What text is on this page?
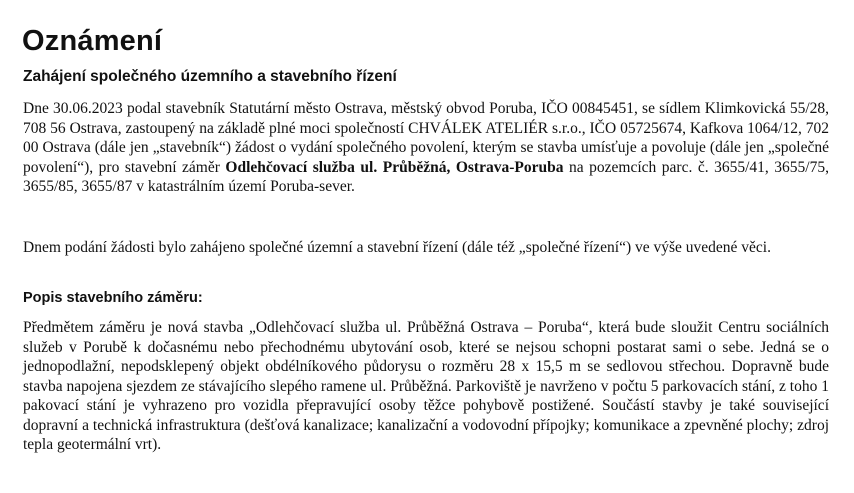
Oznámení
Zahájení společného územního a stavebního řízení
Dne 30.06.2023 podal stavebník Statutární město Ostrava, městský obvod Poruba, IČO 00845451, se sídlem Klimkovická 55/28, 708 56 Ostrava, zastoupený na základě plné moci společností CHVÁLEK ATELIÉR s.r.o., IČO 05725674, Kafkova 1064/12, 702 00 Ostrava (dále jen „stavebník“) žádost o vydání společného povolení, kterým se stavba umísťuje a povoluje (dále jen „společné povolení“), pro stavební záměr Odlehčovací služba ul. Průběžná, Ostrava-Poruba na pozemcích parc. č. 3655/41, 3655/75, 3655/85, 3655/87 v katastrálním území Poruba-sever.
Dnem podání žádosti bylo zahájeno společné územní a stavební řízení (dále též „společné řízení“) ve výše uvedené věci.
Popis stavebního záměru:
Předmětem záměru je nová stavba „Odlehčovací služba ul. Průběžná Ostrava – Poruba“, která bude sloužit Centru sociálních služeb v Porubě k dočasnému nebo přechodnému ubytování osob, které se nejsou schopni postarat sami o sebe. Jedná se o jednopodlažní, nepodsklepený objekt obdélníkového půdorysu o rozměru 28 x 15,5 m se sedlovou střechou. Dopravně bude stavba napojena sjezdem ze stávajícího slepého ramene ul. Průběžná. Parkoviště je navrženo v počtu 5 parkovacích stání, z toho 1 pakovací stání je vyhrazeno pro vozidla přepravující osoby těžce pohybově postižené. Součástí stavby je také související dopravní a technická infrastruktura (dešťová kanalizace; kanalizační a vodovodní přípojky; komunikace a zpevněné plochy; zdroj tepla geotermální vrt).
